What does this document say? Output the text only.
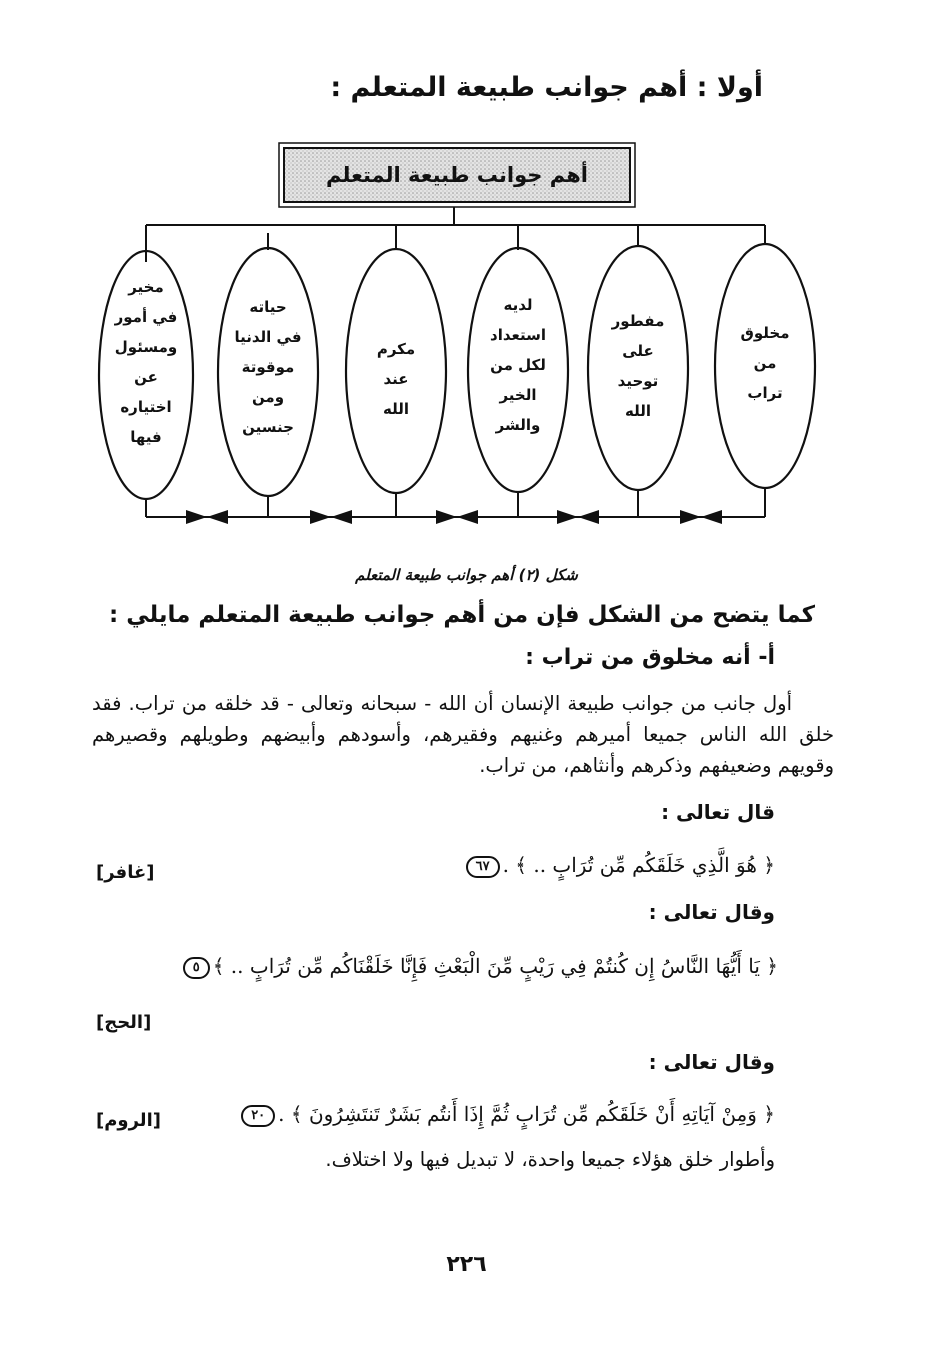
أولا : أهم جوانب طبيعة المتعلم :
أهم جوانب طبيعة المتعلم
مخلوق
من
تراب
مفطور
على
توحيد
الله
لديه
استعداد
لكل من
الخير
والشر
مكرم
عند
الله
حياته
في الدنيا
موقوتة
ومن
جنسين
مخير
في أمور
ومسئول
عن
اختياره
فيها
شكل (٢) أهم جوانب طبيعة المتعلم
كما يتضح من الشكل فإن من أهم جوانب طبيعة المتعلم مايلي :
أ- أنه مخلوق من تراب :
أول جانب من جوانب طبيعة الإنسان أن الله - سبحانه وتعالى - قد خلقه من تراب. فقد خلق الله الناس جميعا أميرهم وغنيهم وفقيرهم، وأسودهم وأبيضهم وطويلهم وقصيرهم وقويهم وضعيفهم وذكرهم وأنثاهم، من تراب.
قال تعالى :
﴿ هُوَ الَّذِي خَلَقَكُم مِّن تُرَابٍ .. ﴾ .٦٧
[غافر]
وقال تعالى :
﴿ يَا أَيُّهَا النَّاسُ إِن كُنتُمْ فِي رَيْبٍ مِّنَ الْبَعْثِ فَإِنَّا خَلَقْنَاكُم مِّن تُرَابٍ .. ﴾٥
[الحج]
وقال تعالى :
﴿ وَمِنْ آيَاتِهِ أَنْ خَلَقَكُم مِّن تُرَابٍ ثُمَّ إِذَا أَنتُم بَشَرٌ تَنتَشِرُونَ ﴾ .٢٠
[الروم]
وأطوار خلق هؤلاء جميعا واحدة، لا تبديل فيها ولا اختلاف.
٢٢٦
